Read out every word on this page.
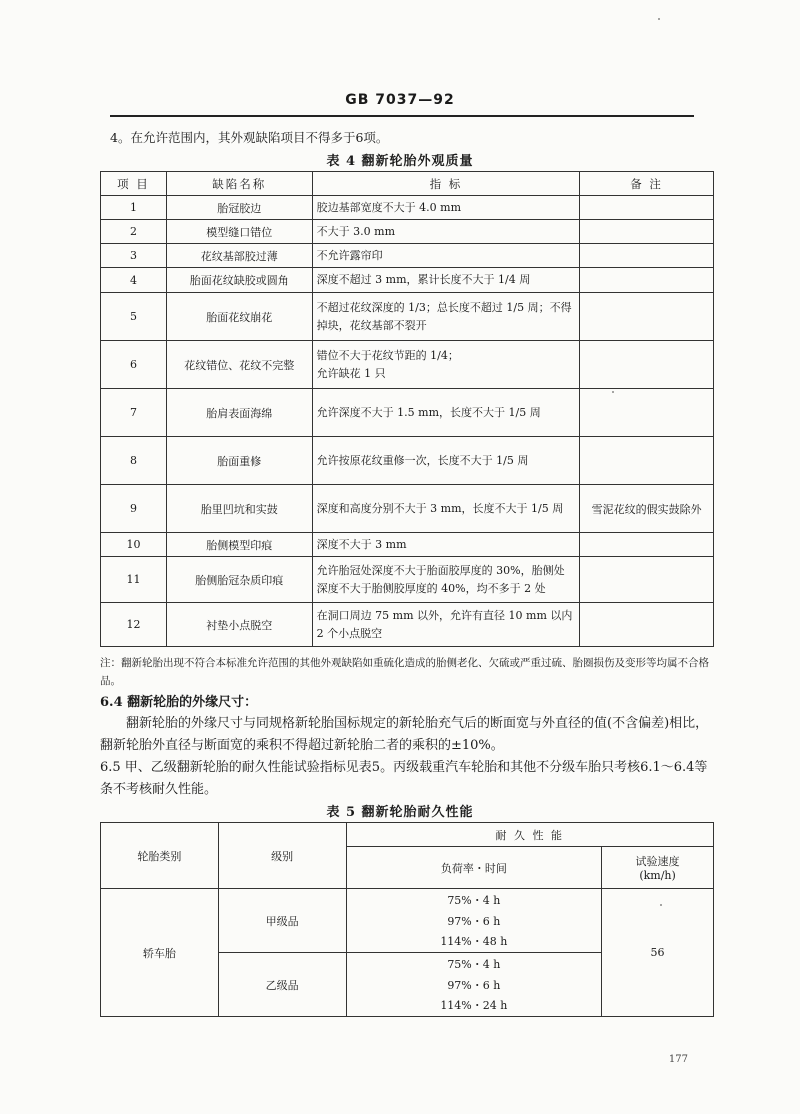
GB 7037—92
4。在允许范围内，其外观缺陷项目不得多于6项。
表 4 翻新轮胎外观质量
项 目	缺陷名称	指 标	备 注
1	胎冠胶边	胶边基部宽度不大于 4.0 mm	
2	模型缝口错位	不大于 3.0 mm	
3	花纹基部胶过薄	不允许露帘印	
4	胎面花纹缺胶或圆角	深度不超过 3 mm，累计长度不大于 1/4 周	
5	胎面花纹崩花	不超过花纹深度的 1/3；总长度不超过 1/5 周；不得掉块，花纹基部不裂开	
6	花纹错位、花纹不完整	错位不大于花纹节距的 1/4；
允许缺花 1 只	

7	胎肩表面海绵	允许深度不大于 1.5 mm，长度不大于 1/5 周	
8	胎面重修	允许按原花纹重修一次，长度不大于 1/5 周	
9	胎里凹坑和实鼓	深度和高度分别不大于 3 mm，长度不大于 1/5 周	雪泥花纹的假实鼓除外
10	胎侧模型印痕	深度不大于 3 mm	
11	胎侧胎冠杂质印痕	允许胎冠处深度不大于胎面胶厚度的 30%，胎侧处深度不大于胎侧胶厚度的 40%，均不多于 2 处	
12	衬垫小点脱空	在洞口周边 75 mm 以外，允许有直径 10 mm 以内 2 个小点脱空	
注：翻新轮胎出现不符合本标准允许范围的其他外观缺陷如重硫化造成的胎侧老化、欠硫或严重过硫、胎圈损伤及变形等均属不合格品。
6.4 翻新轮胎的外缘尺寸：
翻新轮胎的外缘尺寸与同规格新轮胎国标规定的新轮胎充气后的断面宽与外直径的值(不含偏差)相比，翻新轮胎外直径与断面宽的乘积不得超过新轮胎二者的乘积的±10%。
6.5 甲、乙级翻新轮胎的耐久性能试验指标见表5。丙级载重汽车轮胎和其他不分级车胎只考核6.1～6.4等条不考核耐久性能。
表 5 翻新轮胎耐久性能
轮胎类别	级别	耐 久 性 能	
		负荷率・时间	试验速度
(km/h)

轿车胎	甲级品	75%・4 h	56
		97%・6 h	
		114%・48 h	
	乙级品	75%・4 h	
		97%・6 h	
		114%・24 h	
177
